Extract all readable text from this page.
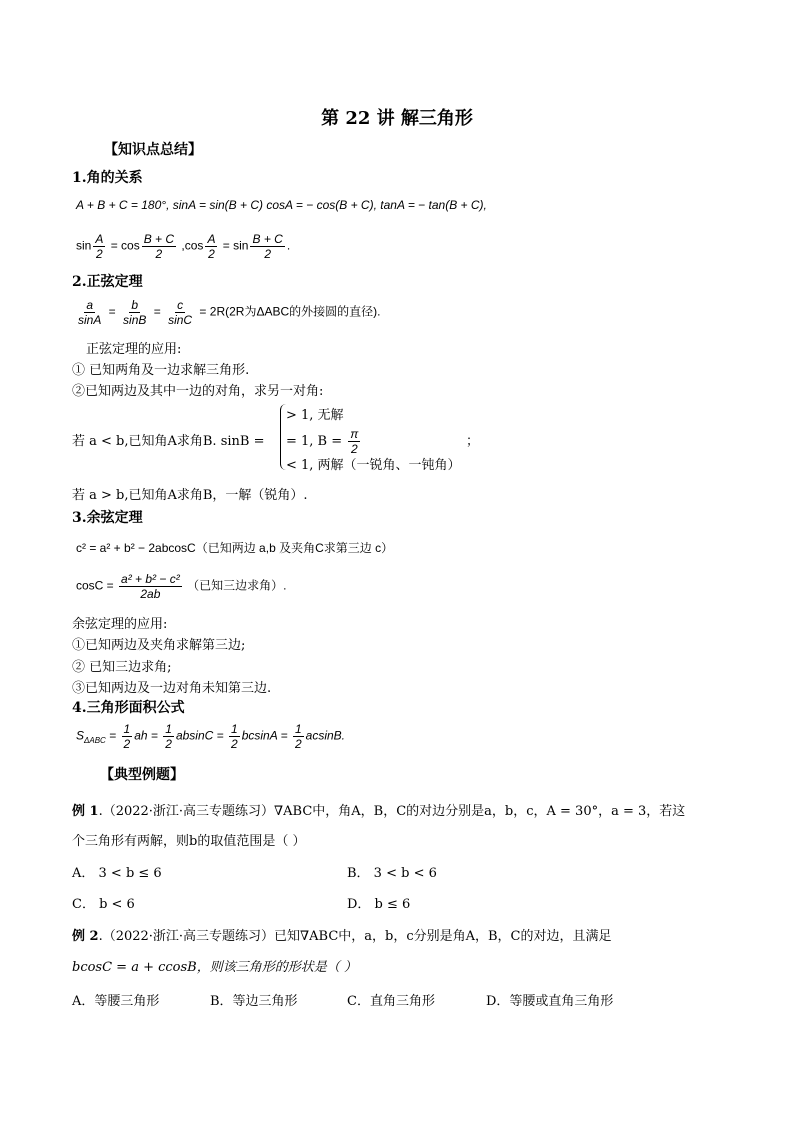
第 22 讲 解三角形
【知识点总结】
1.角的关系
A + B + C = 180°, sinA = sin(B + C) cosA = − cos(B + C), tanA = − tan(B + C),
$\sin \frac{A}{2} = \cos \frac{B + C}{2} ,\cos \frac{A}{2} = \sin \frac{B + C}{2}$ .
2.正弦定理
$\frac{a}{\sin A} = \frac{b}{\sin B} = \frac{c}{\sin C} = 2R(2R$为ΔABC的外接圆的直径).
正弦定理的应用:
① 已知两角及一边求解三角形.
②已知两边及其中一边的对角，求另一对角:
若 a < b,已知角A求角B. sinB =
> 1, 无解
= 1, $B = \frac{\pi}{2}$	；
< 1, 两解（一锐角、一钝角）
若 a > b,已知角A求角B，一解（锐角）.
3.余弦定理
c² = a² + b² − 2abcosC（已知两边 a,b 及夹角C求第三边 c）
$\cos C = \frac{\text{a² + b² − c²}}{2ab}$ （已知三边求角）.
余弦定理的应用:
①已知两边及夹角求解第三边;
② 已知三边求角;
③已知两边及一边对角未知第三边.
4.三角形面积公式
$S_{\Delta ABC} = \frac{1}{2}$ ah = $\frac{1}{2}$ $absinC = \frac{1}{2}$ $bcsinA = \frac{1}{2} acsinB$.
【典型例题】
例 1.（2022·浙江·高三专题练习）∇ABC中，角A，B，C的对边分别是a，b，c，A = 30°，a = 3，若这
个三角形有两解，则b的取值范围是（ ）
A． 3 < b ≤ 6	B． 3 < b < 6
C． b < 6	D． b ≤ 6
例 2.（2022·浙江·高三专题练习）已知∇ABC中，a，b，c分别是角A，B，C的对边，且满足
bcosC = a + ccosB，则该三角形的形状是（ ）
A．等腰三角形	B．等边三角形	C．直角三角形	D．等腰或直角三角形
